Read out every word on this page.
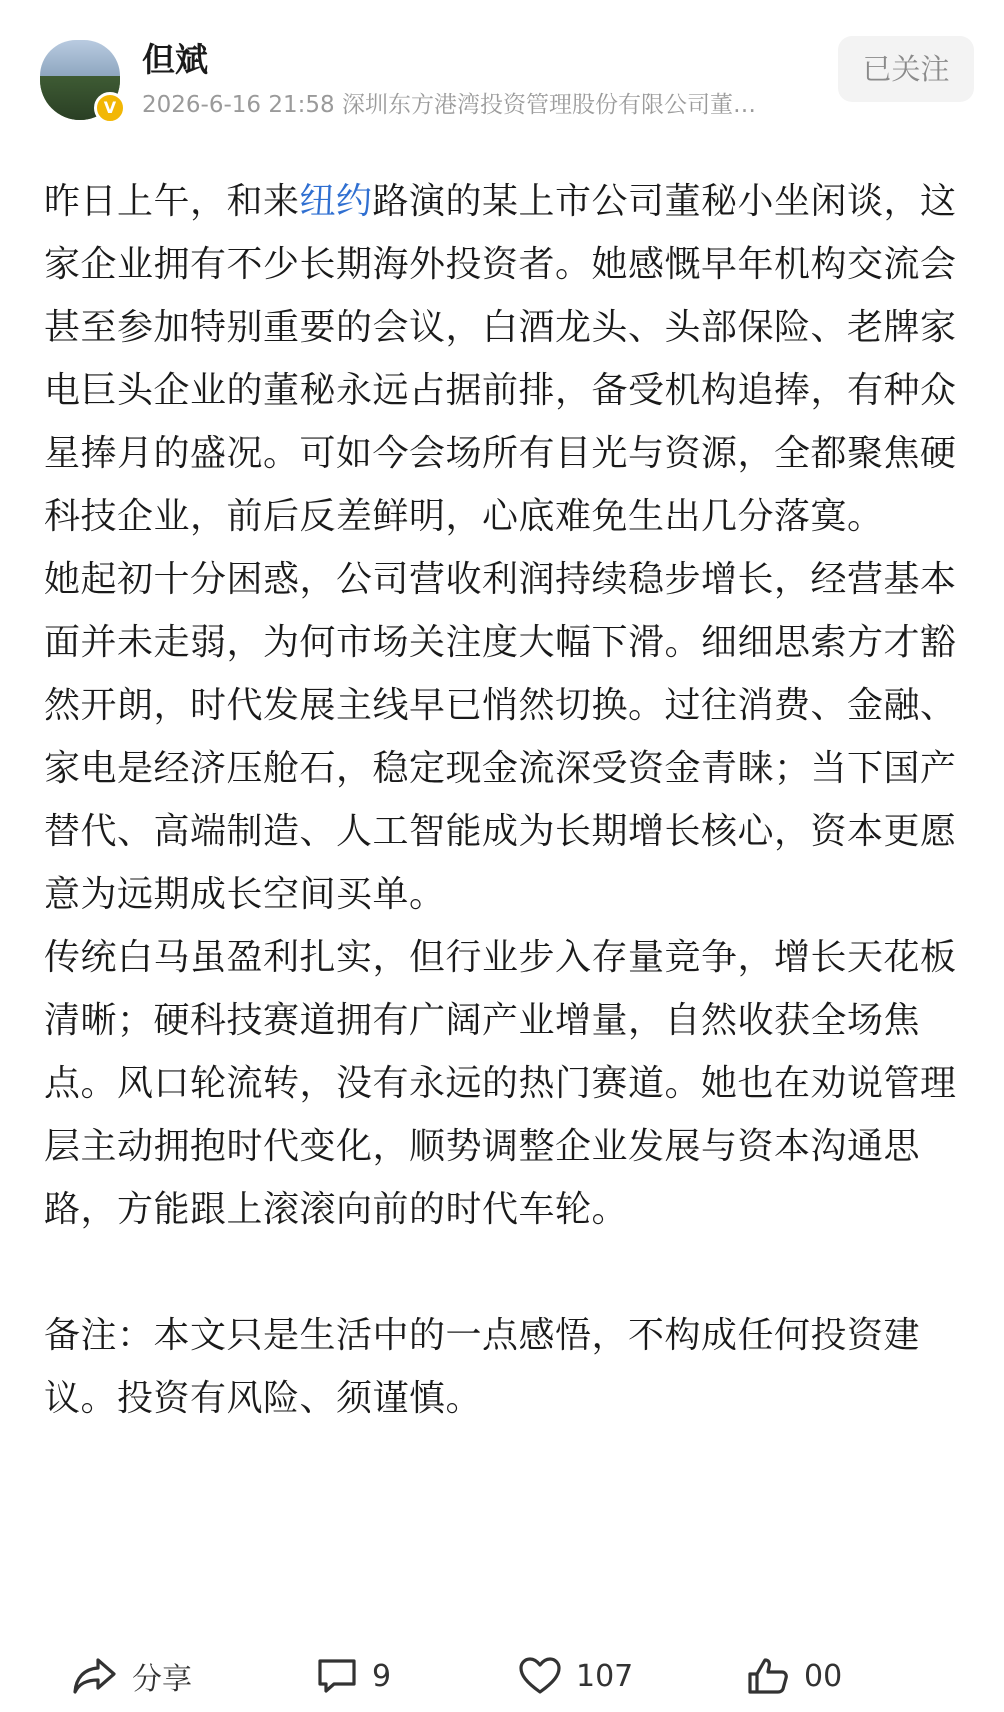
V
但斌
2026-6-16 21:58 深圳东方港湾投资管理股份有限公司董…
已关注

昨日上午，和来纽约路演的某上市公司董秘小坐闲谈，这家企业拥有不少长期海外投资者。她感慨早年机构交流会甚至参加特别重要的会议，白酒龙头、头部保险、老牌家电巨头企业的董秘永远占据前排，备受机构追捧，有种众星捧月的盛况。可如今会场所有目光与资源，全都聚焦硬科技企业，前后反差鲜明，心底难免生出几分落寞。

她起初十分困惑，公司营收利润持续稳步增长，经营基本面并未走弱，为何市场关注度大幅下滑。细细思索方才豁然开朗，时代发展主线早已悄然切换。过往消费、金融、家电是经济压舱石，稳定现金流深受资金青睐；当下国产替代、高端制造、人工智能成为长期增长核心，资本更愿意为远期成长空间买单。

传统白马虽盈利扎实，但行业步入存量竞争，增长天花板清晰；硬科技赛道拥有广阔产业增量，自然收获全场焦点。风口轮流转，没有永远的热门赛道。她也在劝说管理层主动拥抱时代变化，顺势调整企业发展与资本沟通思路，方能跟上滚滚向前的时代车轮。

备注：本文只是生活中的一点感悟，不构成任何投资建议。投资有风险、须谨慎。

分享	9	107	00
